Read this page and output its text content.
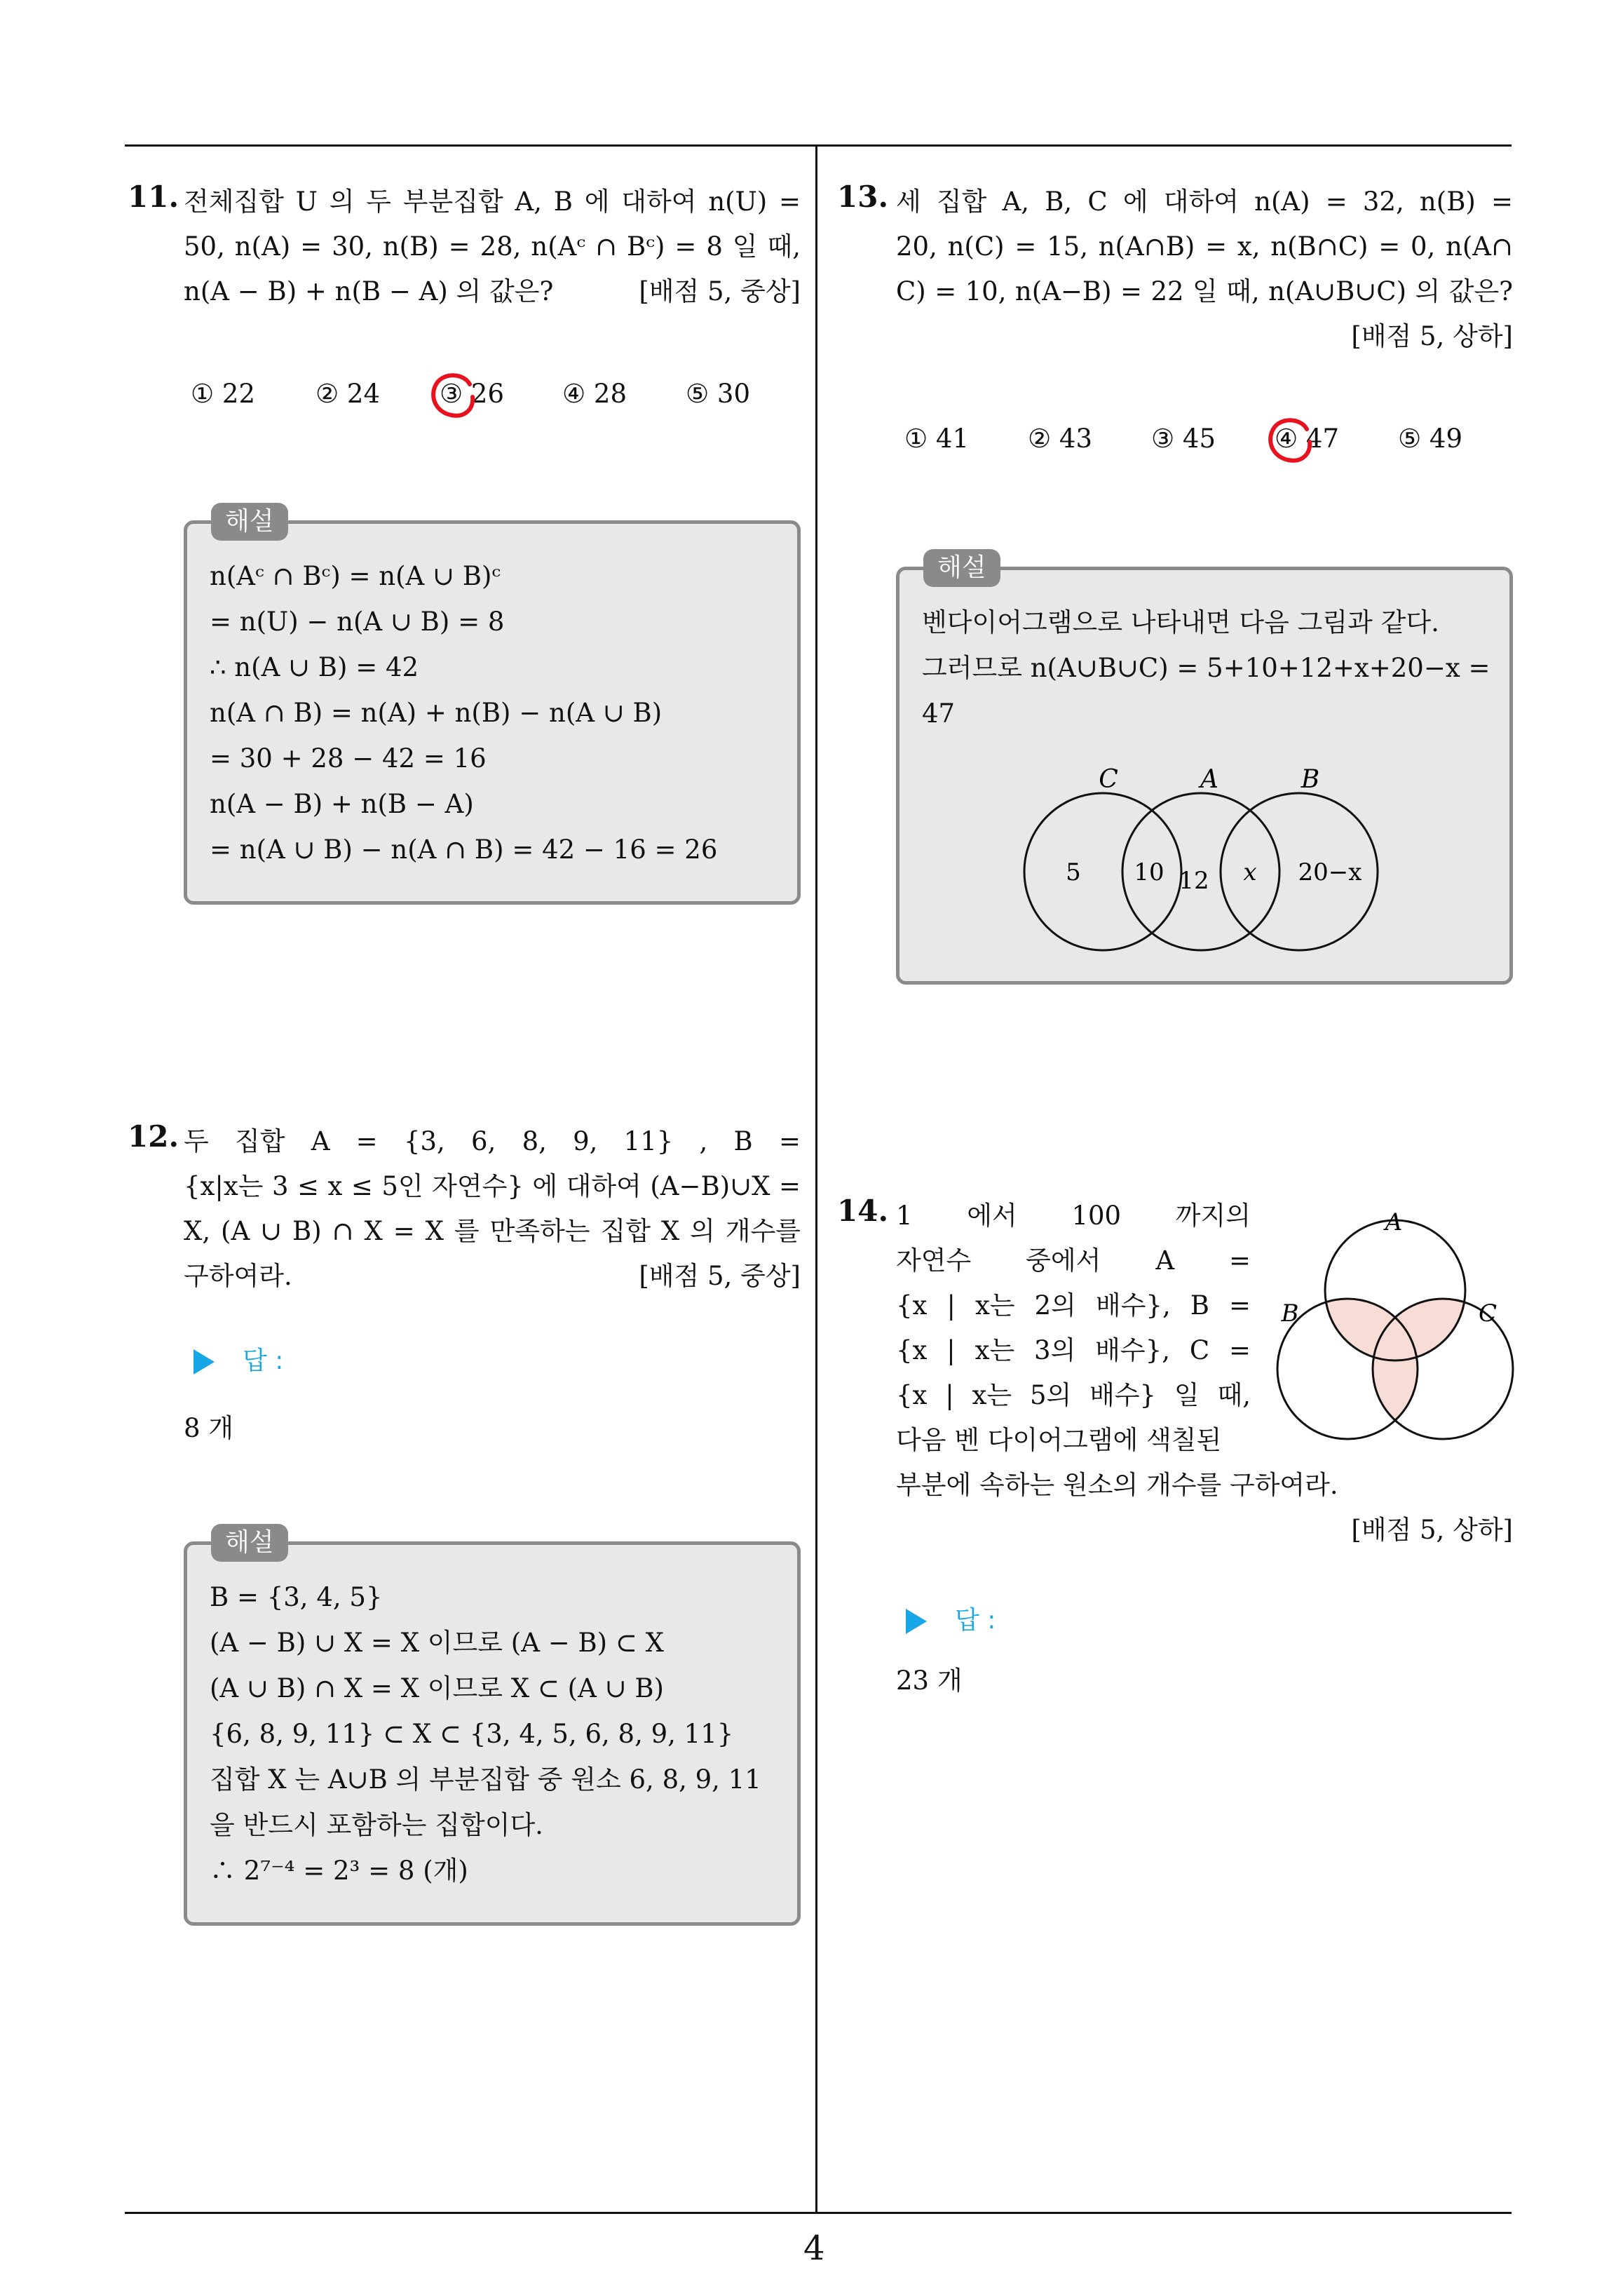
11. 전체집합 U 의 두 부분집합 A, B 에 대하여 n(U) =
50, n(A) = 30, n(B) = 28, n(Aᶜ ∩ Bᶜ) = 8 일 때,
n(A − B) + n(B − A) 의 값은?	[배점 5, 중상]
① 22 ② 24 ③ 26 ④ 28 ⑤ 30
해설
n(Aᶜ ∩ Bᶜ) = n(A ∪ B)ᶜ
= n(U) − n(A ∪ B) = 8
∴ n(A ∪ B) = 42
n(A ∩ B) = n(A) + n(B) − n(A ∪ B)
= 30 + 28 − 42 = 16
n(A − B) + n(B − A)
= n(A ∪ B) − n(A ∩ B) = 42 − 16 = 26
12. 두 집합 A = {3, 6, 8, 9, 11} , B =
{x|x는 3 ≤ x ≤ 5인 자연수} 에 대하여 (A−B)∪X =
X, (A ∪ B) ∩ X = X 를 만족하는 집합 X 의 개수를
구하여라.	[배점 5, 중상]
답 :
8 개
해설
B = {3, 4, 5}
(A − B) ∪ X = X 이므로 (A − B) ⊂ X
(A ∪ B) ∩ X = X 이므로 X ⊂ (A ∪ B)
{6, 8, 9, 11} ⊂ X ⊂ {3, 4, 5, 6, 8, 9, 11}
집합 X 는 A∪B 의 부분집합 중 원소 6, 8, 9, 11
을 반드시 포함하는 집합이다.
∴ 2⁷⁻⁴ = 2³ = 8 (개)
13. 세 집합 A, B, C 에 대하여 n(A) = 32, n(B) =
20, n(C) = 15, n(A∩B) = x, n(B∩C) = 0, n(A∩
C) = 10, n(A−B) = 22 일 때, n(A∪B∪C) 의 값은?
[배점 5, 상하]
① 41 ② 43 ③ 45 ④ 47 ⑤ 49
해설
벤다이어그램으로 나타내면 다음 그림과 같다.
그러므로 n(A∪B∪C) = 5+10+12+x+20−x =
47
C	A	B
5 10 12 x 20−x
14. 1 에서 100 까지의
자연수 중에서 A =
{x | x는 2의 배수}, B =
{x | x는 3의 배수}, C =
{x | x는 5의 배수} 일 때,
다음 벤 다이어그램에 색칠된
부분에 속하는 원소의 개수를 구하여라.
[배점 5, 상하]
A
B	C
답 :
23 개
4
